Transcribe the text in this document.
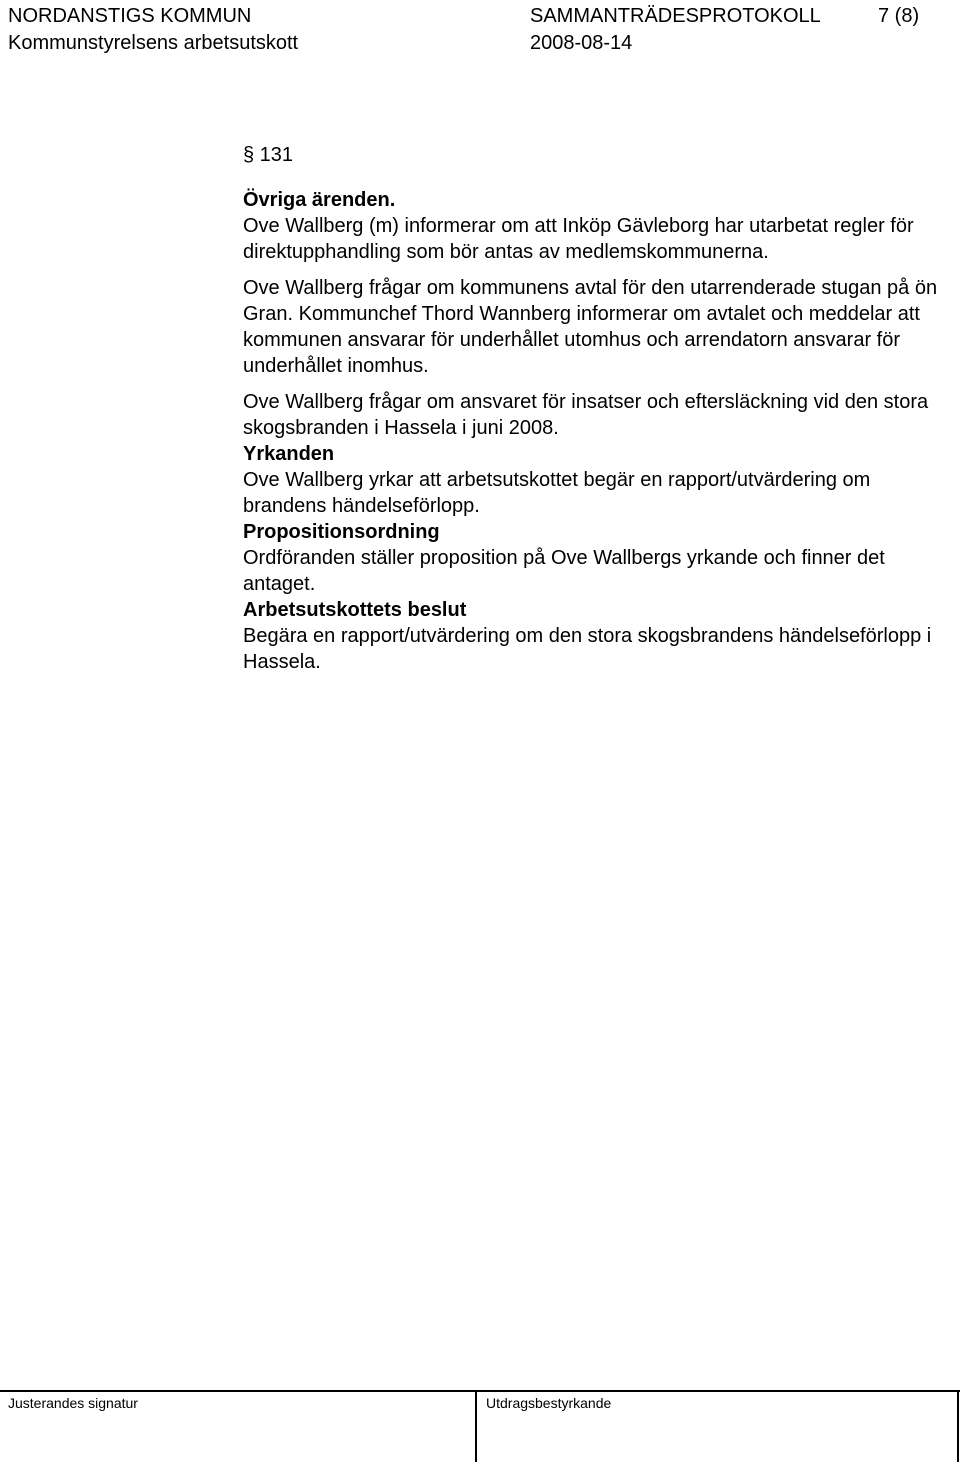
NORDANSTIGS KOMMUN	SAMMANTRÄDESPROTOKOLL	7 (8)
Kommunstyrelsens arbetsutskott	2008-08-14

§ 131

Övriga ärenden.

Ove Wallberg (m) informerar om att Inköp Gävleborg har utarbetat regler för direktupphandling som bör antas av medlemskommunerna.

Ove Wallberg frågar om kommunens avtal för den utarrenderade stugan på ön Gran. Kommunchef Thord Wannberg informerar om avtalet och meddelar att kommunen ansvarar för underhållet utomhus och arrendatorn ansvarar för underhållet inomhus.

Ove Wallberg frågar om ansvaret för insatser och eftersläckning vid den stora skogsbranden i Hassela i juni 2008.

Yrkanden

Ove Wallberg yrkar att arbetsutskottet begär en rapport/utvärdering om brandens händelseförlopp.

Propositionsordning

Ordföranden ställer proposition på Ove Wallbergs yrkande och finner det antaget.

Arbetsutskottets beslut

Begära en rapport/utvärdering om den stora skogsbrandens händelseförlopp i Hassela.

Justerandes signatur	Utdragsbestyrkande
